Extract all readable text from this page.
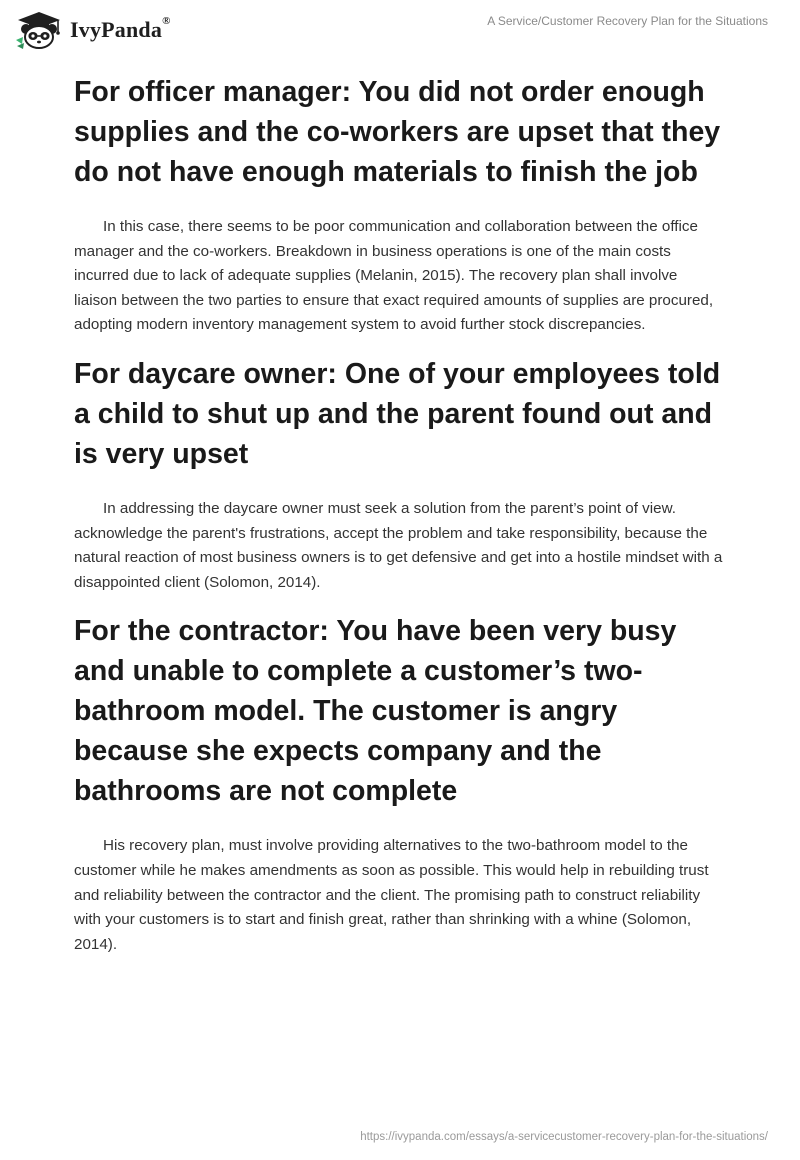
IvyPanda®	A Service/Customer Recovery Plan for the Situations
For officer manager: You did not order enough supplies and the co-workers are upset that they do not have enough materials to finish the job

In this case, there seems to be poor communication and collaboration between the office manager and the co-workers. Breakdown in business operations is one of the main costs incurred due to lack of adequate supplies (Melanin, 2015). The recovery plan shall involve liaison between the two parties to ensure that exact required amounts of supplies are procured, adopting modern inventory management system to avoid further stock discrepancies.

For daycare owner: One of your employees told a child to shut up and the parent found out and is very upset

In addressing the daycare owner must seek a solution from the parent’s point of view. acknowledge the parent's frustrations, accept the problem and take responsibility, because the natural reaction of most business owners is to get defensive and get into a hostile mindset with a disappointed client (Solomon, 2014).

For the contractor: You have been very busy and unable to complete a customer’s two-bathroom model. The customer is angry because she expects company and the bathrooms are not complete

His recovery plan, must involve providing alternatives to the two-bathroom model to the customer while he makes amendments as soon as possible. This would help in rebuilding trust and reliability between the contractor and the client. The promising path to construct reliability with your customers is to start and finish great, rather than shrinking with a whine (Solomon, 2014).

https://ivypanda.com/essays/a-servicecustomer-recovery-plan-for-the-situations/
